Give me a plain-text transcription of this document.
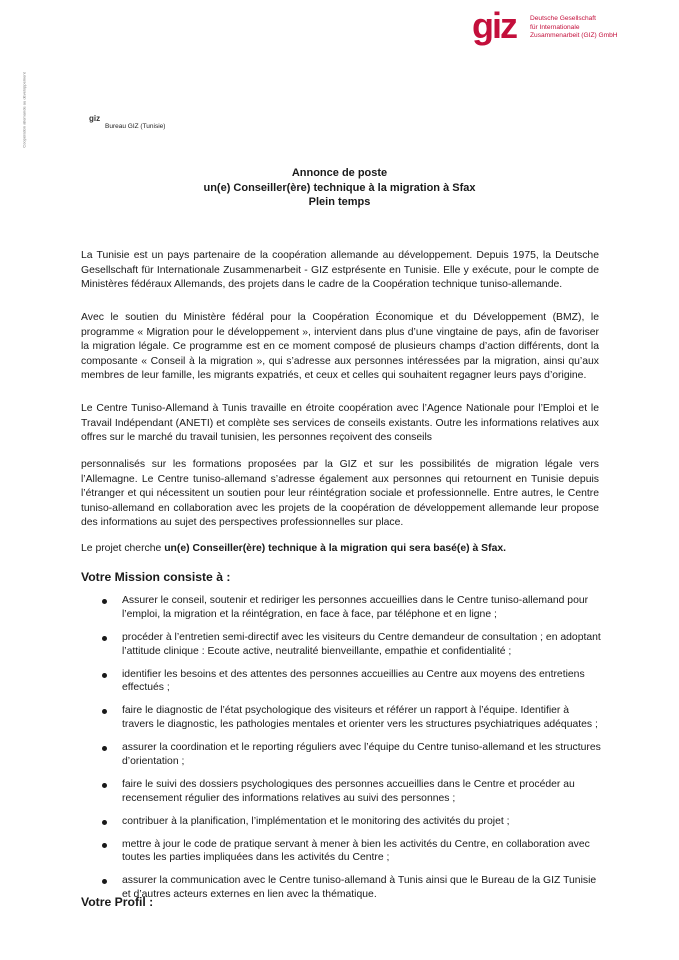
Coopération allemande au développement
giz Deutsche Gesellschaft
für Internationale
Zusammenarbeit (GIZ) GmbH
giz
Bureau GIZ (Tunisie)
Annonce de poste
un(e) Conseiller(ère) technique à la migration à Sfax
Plein temps

La Tunisie est un pays partenaire de la coopération allemande au développement. Depuis 1975, la Deutsche Gesellschaft für Internationale Zusammenarbeit - GIZ estprésente en Tunisie. Elle y exécute, pour le compte de Ministères fédéraux Allemands, des projets dans le cadre de la Coopération technique tuniso-allemande.

Avec le soutien du Ministère fédéral pour la Coopération Économique et du Développement (BMZ), le programme « Migration pour le développement », intervient dans plus d’une vingtaine de pays, afin de favoriser la migration légale. Ce programme est en ce moment composé de plusieurs champs d’action différents, dont la composante « Conseil à la migration », qui s’adresse aux personnes intéressées par la migration, ainsi qu’aux membres de leur famille, les migrants expatriés, et ceux et celles qui souhaitent regagner leurs pays d’origine.

Le Centre Tuniso-Allemand à Tunis travaille en étroite coopération avec l’Agence Nationale pour l’Emploi et le Travail Indépendant (ANETI) et complète ses services de conseils existants. Outre les informations relatives aux offres sur le marché du travail tunisien, les personnes reçoivent des conseils

personnalisés sur les formations proposées par la GIZ et sur les possibilités de migration légale vers l’Allemagne. Le Centre tuniso-allemand s’adresse également aux personnes qui retournent en Tunisie depuis l’étranger et qui nécessitent un soutien pour leur réintégration sociale et professionnelle. Entre autres, le Centre tuniso-allemand en collaboration avec les projets de la coopération de développement allemande leur propose des informations au sujet des perspectives professionnelles sur place.

Le projet cherche un(e) Conseiller(ère) technique à la migration qui sera basé(e) à Sfax.

Votre Mission consiste à :
Assurer le conseil, soutenir et rediriger les personnes accueillies dans le Centre tuniso-allemand pour l’emploi, la migration et la réintégration, en face à face, par téléphone et en ligne ;
procéder à l’entretien semi-directif avec les visiteurs du Centre demandeur de consultation ; en adoptant l’attitude clinique : Ecoute active, neutralité bienveillante, empathie et confidentialité ;
identifier les besoins et des attentes des personnes accueillies au Centre aux moyens des entretiens effectués ;
faire le diagnostic de l’état psychologique des visiteurs et référer un rapport à l’équipe. Identifier à travers le diagnostic, les pathologies mentales et orienter vers les structures psychiatriques adéquates ;
assurer la coordination et le reporting réguliers avec l’équipe du Centre tuniso-allemand et les structures d’orientation ;
faire le suivi des dossiers psychologiques des personnes accueillies dans le Centre et procéder au recensement régulier des informations relatives au suivi des personnes ;
contribuer à la planification, l’implémentation et le monitoring des activités du projet ;
mettre à jour le code de pratique servant à mener à bien les activités du Centre, en collaboration avec toutes les parties impliquées dans les activités du Centre ;
assurer la communication avec le Centre tuniso-allemand à Tunis ainsi que le Bureau de la GIZ Tunisie et d’autres acteurs externes en lien avec la thématique.
Votre Profil :
